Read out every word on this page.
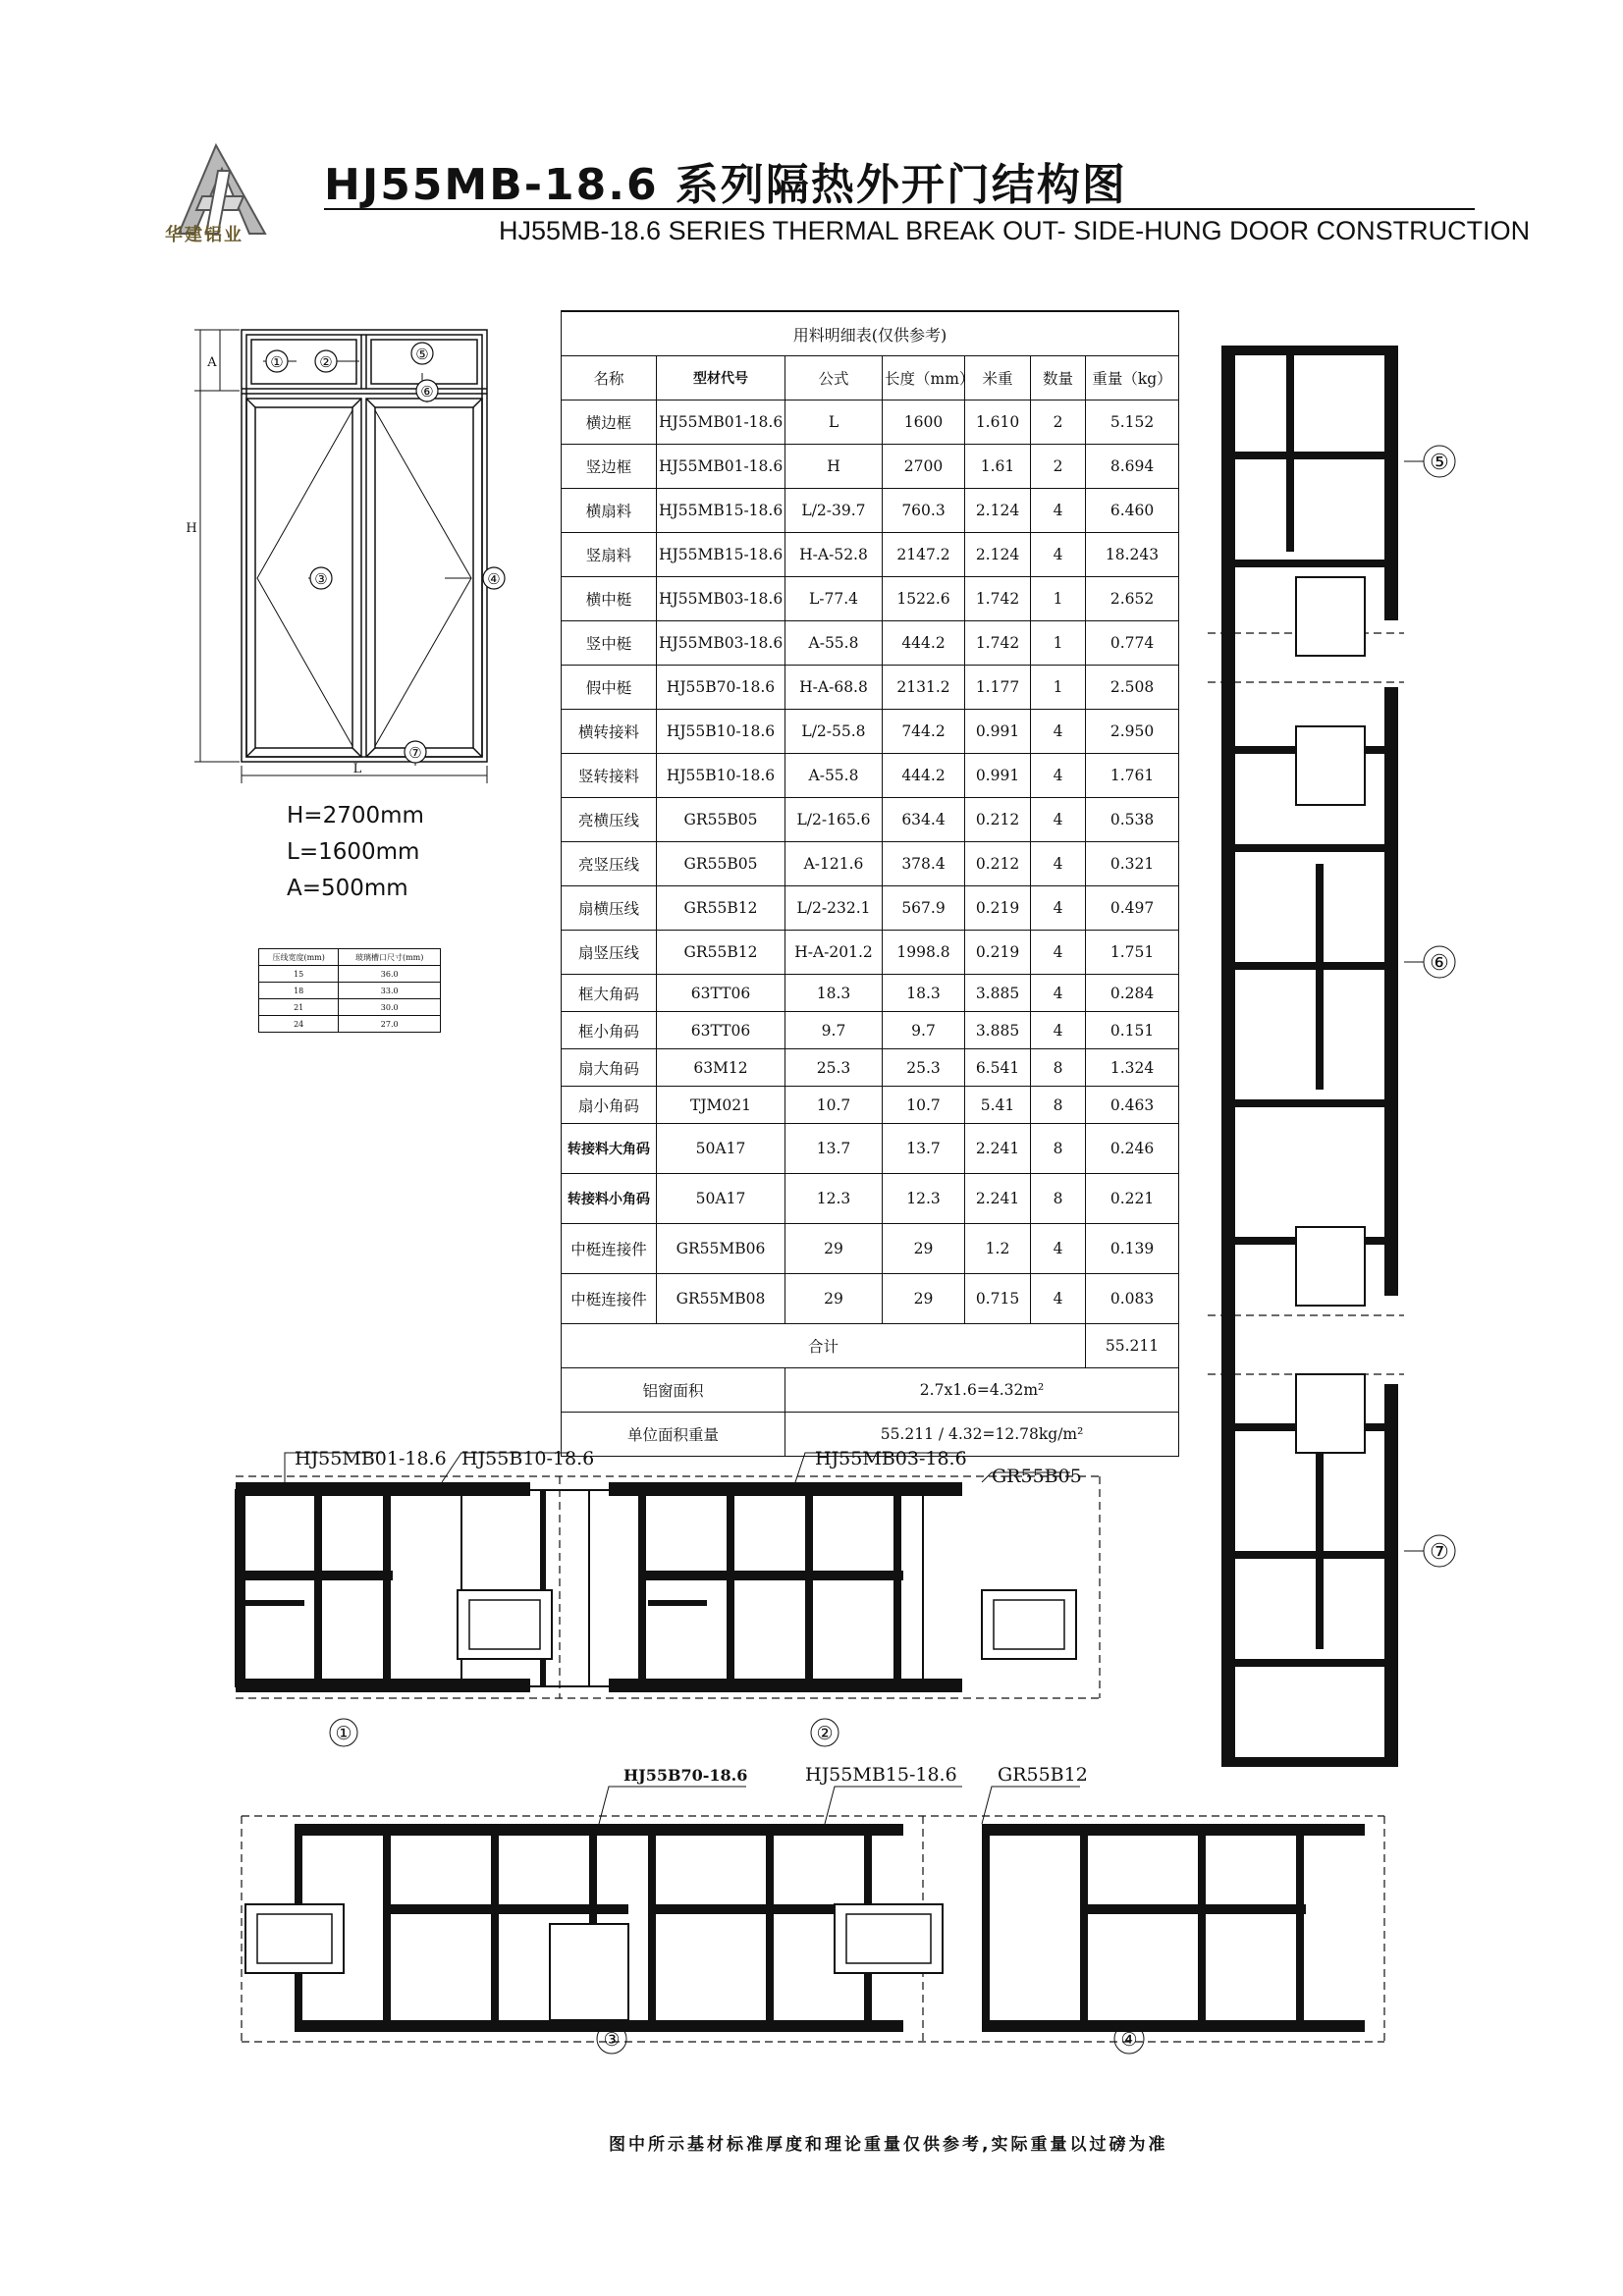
华建铝业
HJ55MB-18.6 系列隔热外开门结构图
HJ55MB-18.6 SERIES THERMAL BREAK OUT- SIDE-HUNG DOOR CONSTRUCTION
① ②	⑤
⑥
③	④
⑦
H
A
L
H=2700mm
L=1600mm
A=500mm
压线宽度(mm)	玻璃槽口尺寸(mm)
15	36.0
18	33.0
21	30.0
24	27.0
用料明细表(仅供参考)						
名称	型材代号	公式	长度（mm）	米重	数量	重量（kg）
横边框	HJ55MB01-18.6	L	1600	1.610	2	5.152
竖边框	HJ55MB01-18.6	H	2700	1.61	2	8.694
横扇料	HJ55MB15-18.6	L/2-39.7	760.3	2.124	4	6.460
竖扇料	HJ55MB15-18.6	H-A-52.8	2147.2	2.124	4	18.243
横中梃	HJ55MB03-18.6	L-77.4	1522.6	1.742	1	2.652
竖中梃	HJ55MB03-18.6	A-55.8	444.2	1.742	1	0.774
假中梃	HJ55B70-18.6	H-A-68.8	2131.2	1.177	1	2.508
横转接料	HJ55B10-18.6	L/2-55.8	744.2	0.991	4	2.950
竖转接料	HJ55B10-18.6	A-55.8	444.2	0.991	4	1.761
亮横压线	GR55B05	L/2-165.6	634.4	0.212	4	0.538
亮竖压线	GR55B05	A-121.6	378.4	0.212	4	0.321
扇横压线	GR55B12	L/2-232.1	567.9	0.219	4	0.497
扇竖压线	GR55B12	H-A-201.2	1998.8	0.219	4	1.751
框大角码	63TT06	18.3	18.3	3.885	4	0.284
框小角码	63TT06	9.7	9.7	3.885	4	0.151
扇大角码	63M12	25.3	25.3	6.541	8	1.324
扇小角码	TJM021	10.7	10.7	5.41	8	0.463
转接料大角码	50A17	13.7	13.7	2.241	8	0.246
转接料小角码	50A17	12.3	12.3	2.241	8	0.221
中梃连接件	GR55MB06	29	29	1.2	4	0.139
中梃连接件	GR55MB08	29	29	0.715	4	0.083
合计						55.211
铝窗面积		2.7x1.6=4.32m²				
单位面积重量		55.211 / 4.32=12.78kg/m²				
HJ55MB01-18.6 HJ55B10-18.6	HJ55MB03-18.6
GR55B05
①	②
HJ55B70-18.6	HJ55MB15-18.6 GR55B12
③	④
⑤
⑥
⑦
图中所示基材标准厚度和理论重量仅供参考,实际重量以过磅为准
